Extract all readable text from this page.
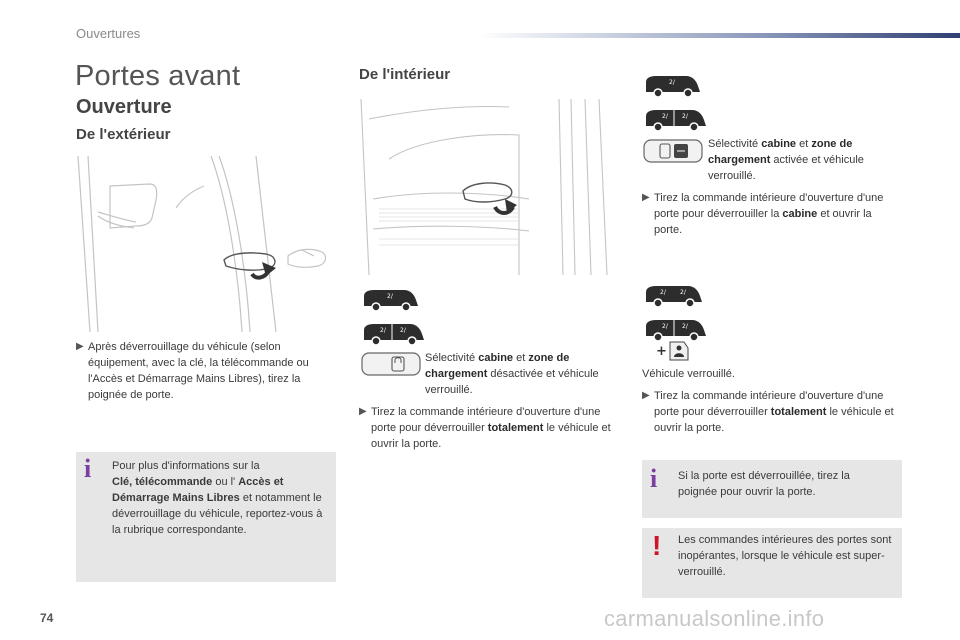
Ouvertures
Portes avant
Ouverture
De l'extérieur
De l'intérieur
▶ Après déverrouillage du véhicule (selon équipement, avec la clé, la télécommande ou l'Accès et Démarrage Mains Libres), tirez la poignée de porte.
i Pour plus d'informations sur la
Clé, télécommande ou l' Accès et Démarrage Mains Libres et notamment le déverrouillage du véhicule, reportez-vous à la rubrique correspondante.
2/
2/ 2/
Sélectivité cabine et zone de chargement désactivée et véhicule verrouillé.
▶ Tirez la commande intérieure d'ouverture d'une porte pour déverrouiller totalement le véhicule et ouvrir la porte.
2/
2/ 2/
Sélectivité cabine et zone de chargement activée et véhicule verrouillé.
▶ Tirez la commande intérieure d'ouverture d'une porte pour déverrouiller la cabine et ouvrir la porte.
2/ 2/
2/ 2/
+
Véhicule verrouillé.
▶ Tirez la commande intérieure d'ouverture d'une porte pour déverrouiller totalement le véhicule et ouvrir la porte.
i Si la porte est déverrouillée, tirez la poignée pour ouvrir la porte.
! Les commandes intérieures des portes sont inopérantes, lorsque le véhicule est super-verrouillé.
74	carmanualsonline.info
